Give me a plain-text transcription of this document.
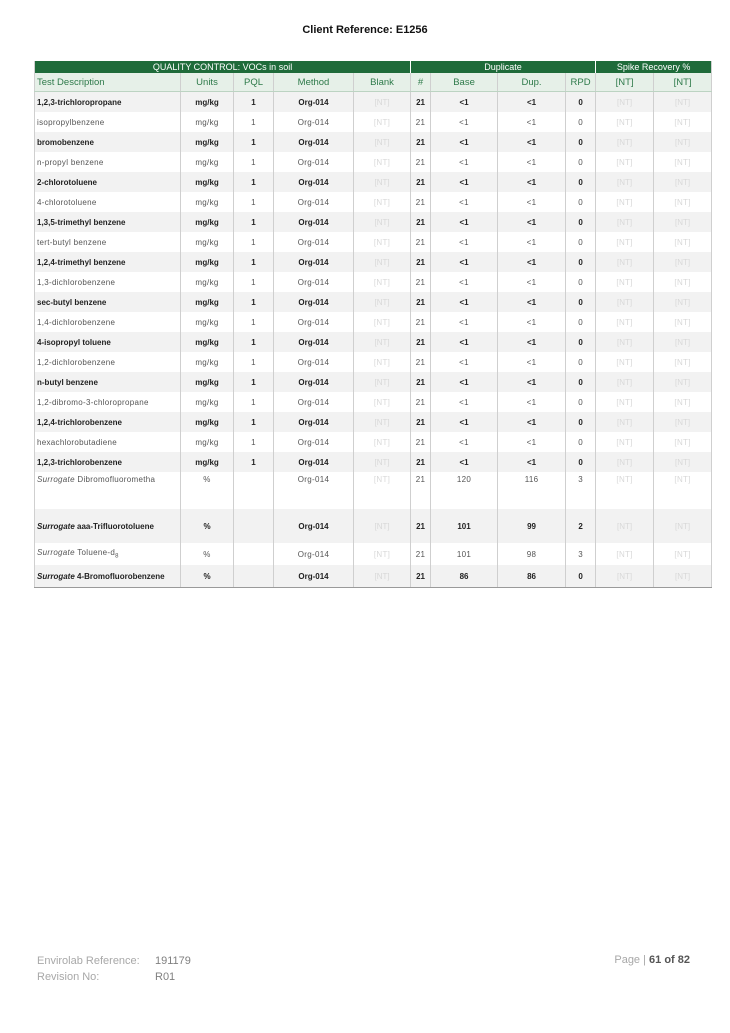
Client Reference: E1256
QUALITY CONTROL: VOCs in soil					Duplicate				Spike Recovery %	
Test Description	Units	PQL	Method	Blank	#	Base	Dup.	RPD	[NT]	[NT]
1,2,3-trichloropropane	mg/kg	1	Org-014	[NT]	21	<1	<1	0	[NT]	[NT]
isopropylbenzene	mg/kg	1	Org-014	[NT]	21	<1	<1	0	[NT]	[NT]
bromobenzene	mg/kg	1	Org-014	[NT]	21	<1	<1	0	[NT]	[NT]
n-propyl benzene	mg/kg	1	Org-014	[NT]	21	<1	<1	0	[NT]	[NT]
2-chlorotoluene	mg/kg	1	Org-014	[NT]	21	<1	<1	0	[NT]	[NT]
4-chlorotoluene	mg/kg	1	Org-014	[NT]	21	<1	<1	0	[NT]	[NT]
1,3,5-trimethyl benzene	mg/kg	1	Org-014	[NT]	21	<1	<1	0	[NT]	[NT]
tert-butyl benzene	mg/kg	1	Org-014	[NT]	21	<1	<1	0	[NT]	[NT]
1,2,4-trimethyl benzene	mg/kg	1	Org-014	[NT]	21	<1	<1	0	[NT]	[NT]
1,3-dichlorobenzene	mg/kg	1	Org-014	[NT]	21	<1	<1	0	[NT]	[NT]
sec-butyl benzene	mg/kg	1	Org-014	[NT]	21	<1	<1	0	[NT]	[NT]
1,4-dichlorobenzene	mg/kg	1	Org-014	[NT]	21	<1	<1	0	[NT]	[NT]
4-isopropyl toluene	mg/kg	1	Org-014	[NT]	21	<1	<1	0	[NT]	[NT]
1,2-dichlorobenzene	mg/kg	1	Org-014	[NT]	21	<1	<1	0	[NT]	[NT]
n-butyl benzene	mg/kg	1	Org-014	[NT]	21	<1	<1	0	[NT]	[NT]
1,2-dibromo-3-chloropropane	mg/kg	1	Org-014	[NT]	21	<1	<1	0	[NT]	[NT]
1,2,4-trichlorobenzene	mg/kg	1	Org-014	[NT]	21	<1	<1	0	[NT]	[NT]
hexachlorobutadiene	mg/kg	1	Org-014	[NT]	21	<1	<1	0	[NT]	[NT]
1,2,3-trichlorobenzene	mg/kg	1	Org-014	[NT]	21	<1	<1	0	[NT]	[NT]
Surrogate Dibromofluorometha	%		Org-014	[NT]	21	120	116	3	[NT]	[NT]
Surrogate aaa-Trifluorotoluene	%		Org-014	[NT]	21	101	99	2	[NT]	[NT]
Surrogate Toluene-$d_8$	%		Org-014	[NT]	21	101	98	3	[NT]	[NT]
Surrogate 4-Bromofluorobenzene	%		Org-014	[NT]	21	86	86	0	[NT]	[NT]
Envirolab Reference:	191179
Revision No:	R01
Page | 61 of 82
